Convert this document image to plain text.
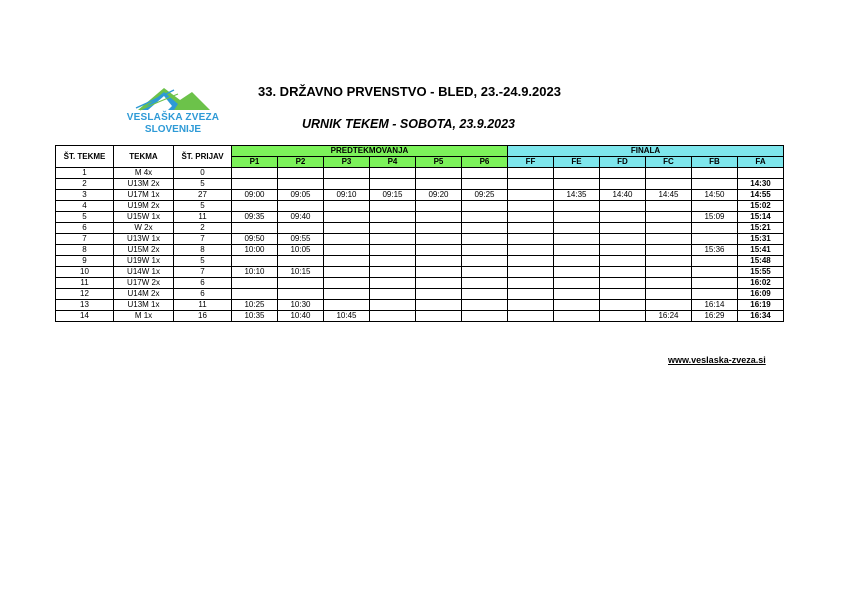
VESLAŠKA ZVEZA
SLOVENIJE
33. DRŽAVNO PRVENSTVO - BLED, 23.-24.9.2023
URNIK TEKEM - SOBOTA, 23.9.2023
ŠT. TEKME	TEKMA	ŠT. PRIJAV	PREDTEKMOVANJA						FINALA					
			P1	P2	P3	P4	P5	P6	FF	FE	FD	FC	FB	FA
1	M 4x	0												
2	U13M 2x	5												14:30
3	U17M 1x	27	09:00	09:05	09:10	09:15	09:20	09:25		14:35	14:40	14:45	14:50	14:55
4	U19M 2x	5												15:02
5	U15W 1x	11	09:35	09:40									15:09	15:14
6	W 2x	2												15:21
7	U13W 1x	7	09:50	09:55										15:31
8	U15M 2x	8	10:00	10:05									15:36	15:41
9	U19W 1x	5												15:48
10	U14W 1x	7	10:10	10:15										15:55
11	U17W 2x	6												16:02
12	U14M 2x	6												16:09
13	U13M 1x	11	10:25	10:30									16:14	16:19
14	M 1x	16	10:35	10:40	10:45							16:24	16:29	16:34
www.veslaska-zveza.si
